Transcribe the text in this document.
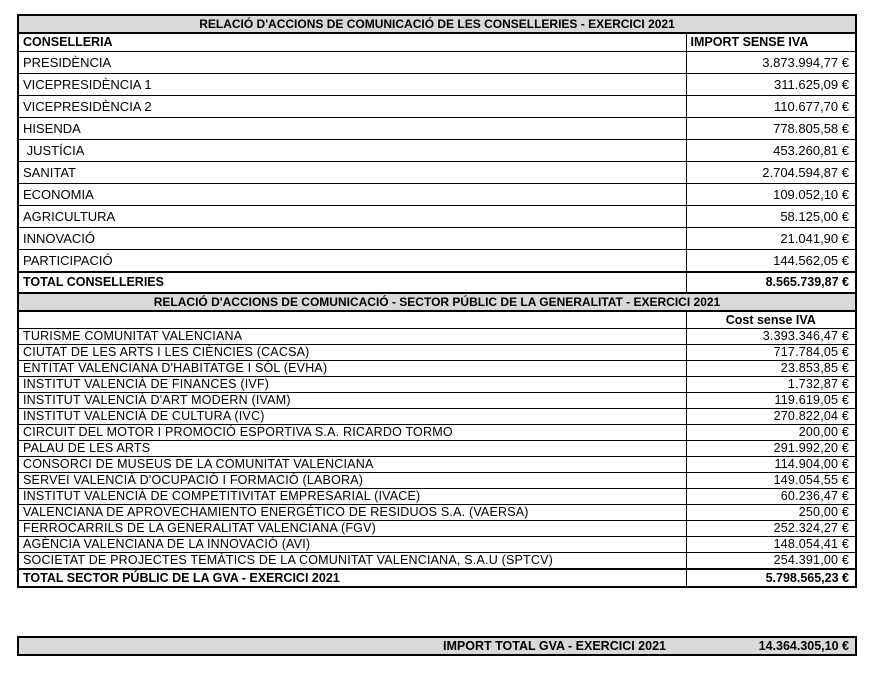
RELACIÓ D'ACCIONS DE COMUNICACIÓ DE LES CONSELLERIES - EXERCICI 2021	
CONSELLERIA	IMPORT SENSE IVA
PRESIDÈNCIA	3.873.994,77 €
VICEPRESIDÈNCIA 1	311.625,09 €
VICEPRESIDÈNCIA 2	110.677,70 €
HISENDA	778.805,58 €
JUSTÍCIA	453.260,81 €
SANITAT	2.704.594,87 €
ECONOMIA	109.052,10 €
AGRICULTURA	58.125,00 €
INNOVACIÓ	21.041,90 €
PARTICIPACIÓ	144.562,05 €
TOTAL CONSELLERIES	8.565.739,87 €
RELACIÓ D'ACCIONS DE COMUNICACIÓ - SECTOR PÚBLIC DE LA GENERALITAT - EXERCICI 2021	
	Cost sense IVA
TURISME COMUNITAT VALENCIANA	3.393.346,47 €
CIUTAT DE LES ARTS I LES CIÈNCIES (CACSA)	717.784,05 €
ENTITAT VALENCIANA D'HABITATGE I SÒL (EVHA)	23.853,85 €
INSTITUT VALENCIÀ DE FINANCES (IVF)	1.732,87 €
INSTITUT VALENCIÀ D'ART MODERN (IVAM)	119.619,05 €
INSTITUT VALENCIÀ DE CULTURA (IVC)	270.822,04 €
CIRCUIT DEL MOTOR I PROMOCIÓ ESPORTIVA S.A. RICARDO TORMO	200,00 €
PALAU DE LES ARTS	291.992,20 €
CONSORCI DE MUSEUS DE LA COMUNITAT VALENCIANA	114.904,00 €
SERVEI VALENCIÀ D'OCUPACIÓ I FORMACIÓ (LABORA)	149.054,55 €
INSTITUT VALENCIÀ DE COMPETITIVITAT EMPRESARIAL (IVACE)	60.236,47 €
VALENCIANA DE APROVECHAMIENTO ENERGÉTICO DE RESIDUOS S.A. (VAERSA)	250,00 €
FERROCARRILS DE LA GENERALITAT VALENCIANA (FGV)	252.324,27 €
AGÈNCIA VALENCIANA DE LA INNOVACIÓ (AVI)	148.054,41 €
SOCIETAT DE PROJECTES TEMÀTICS DE LA COMUNITAT VALENCIANA, S.A.U (SPTCV)	254.391,00 €
TOTAL SECTOR PÚBLIC DE LA GVA - EXERCICI 2021	5.798.565,23 €
IMPORT TOTAL GVA - EXERCICI 2021	14.364.305,10 €
